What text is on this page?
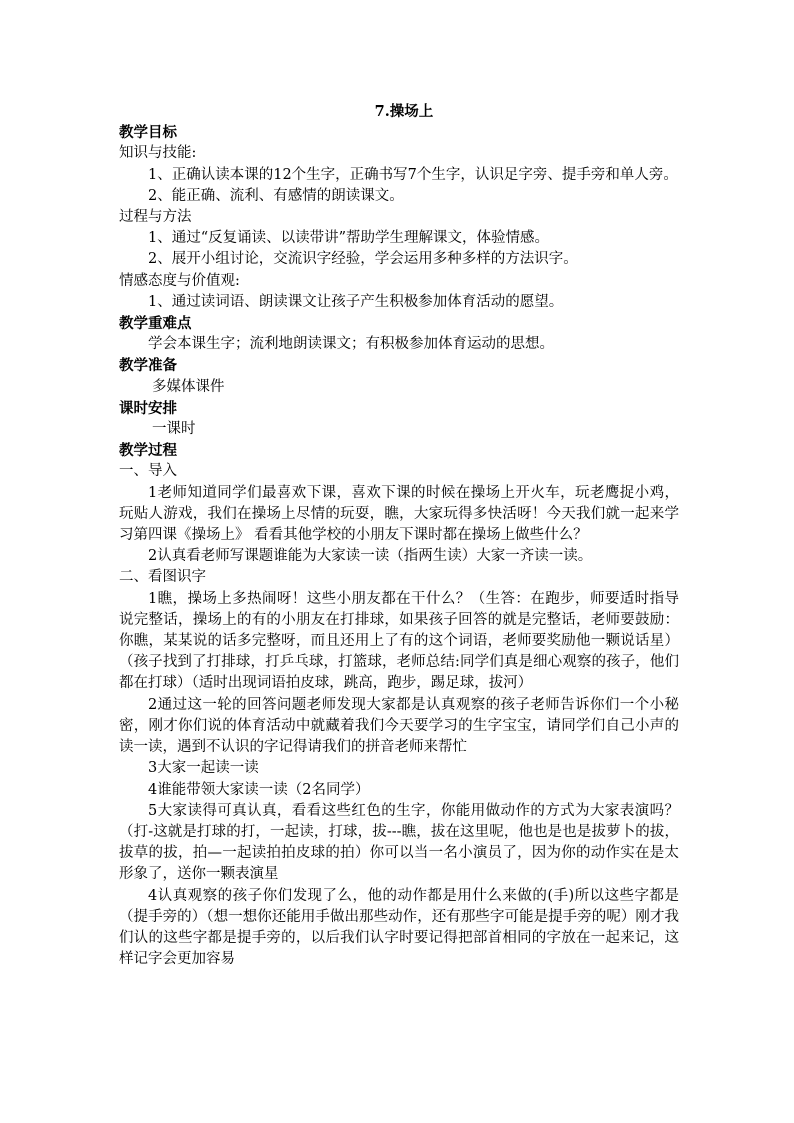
7.操场上

教学目标

知识与技能:

1、正确认读本课的12个生字，正确书写7个生字，认识足字旁、提手旁和单人旁。

2、能正确、流利、有感情的朗读课文。

过程与方法

1、通过“反复诵读、以读带讲”帮助学生理解课文，体验情感。

2、展开小组讨论，交流识字经验，学会运用多种多样的方法识字。

情感态度与价值观:

1、通过读词语、朗读课文让孩子产生积极参加体育活动的愿望。

教学重难点

学会本课生字；流利地朗读课文；有积极参加体育运动的思想。

教学准备

多媒体课件

课时安排

一课时

教学过程

一、导入

1老师知道同学们最喜欢下课，喜欢下课的时候在操场上开火车，玩老鹰捉小鸡，玩贴人游戏，我们在操场上尽情的玩耍，瞧，大家玩得多快活呀！今天我们就一起来学习第四课《操场上》 看看其他学校的小朋友下课时都在操场上做些什么？

2认真看老师写课题谁能为大家读一读（指两生读）大家一齐读一读。

二、看图识字

1瞧，操场上多热闹呀！这些小朋友都在干什么？（生答：在跑步，师要适时指导说完整话，操场上的有的小朋友在打排球，如果孩子回答的就是完整话，老师要鼓励：你瞧，某某说的话多完整呀，而且还用上了有的这个词语，老师要奖励他一颗说话星）（孩子找到了打排球，打乒乓球，打篮球，老师总结:同学们真是细心观察的孩子，他们都在打球）（适时出现词语拍皮球，跳高，跑步，踢足球，拔河）

2通过这一轮的回答问题老师发现大家都是认真观察的孩子老师告诉你们一个小秘密，刚才你们说的体育活动中就藏着我们今天要学习的生字宝宝，请同学们自己小声的读一读，遇到不认识的字记得请我们的拼音老师来帮忙

3大家一起读一读

4谁能带领大家读一读（2名同学）

5大家读得可真认真，看看这些红色的生字，你能用做动作的方式为大家表演吗？（打-这就是打球的打，一起读，打球，拔---瞧，拔在这里呢，他也是也是拔萝卜的拔，拔草的拔，拍—一起读拍拍皮球的拍）你可以当一名小演员了，因为你的动作实在是太形象了，送你一颗表演星

4认真观察的孩子你们发现了么，他的动作都是用什么来做的(手)所以这些字都是（提手旁的）（想一想你还能用手做出那些动作，还有那些字可能是提手旁的呢）刚才我们认的这些字都是提手旁的，以后我们认字时要记得把部首相同的字放在一起来记，这样记字会更加容易
